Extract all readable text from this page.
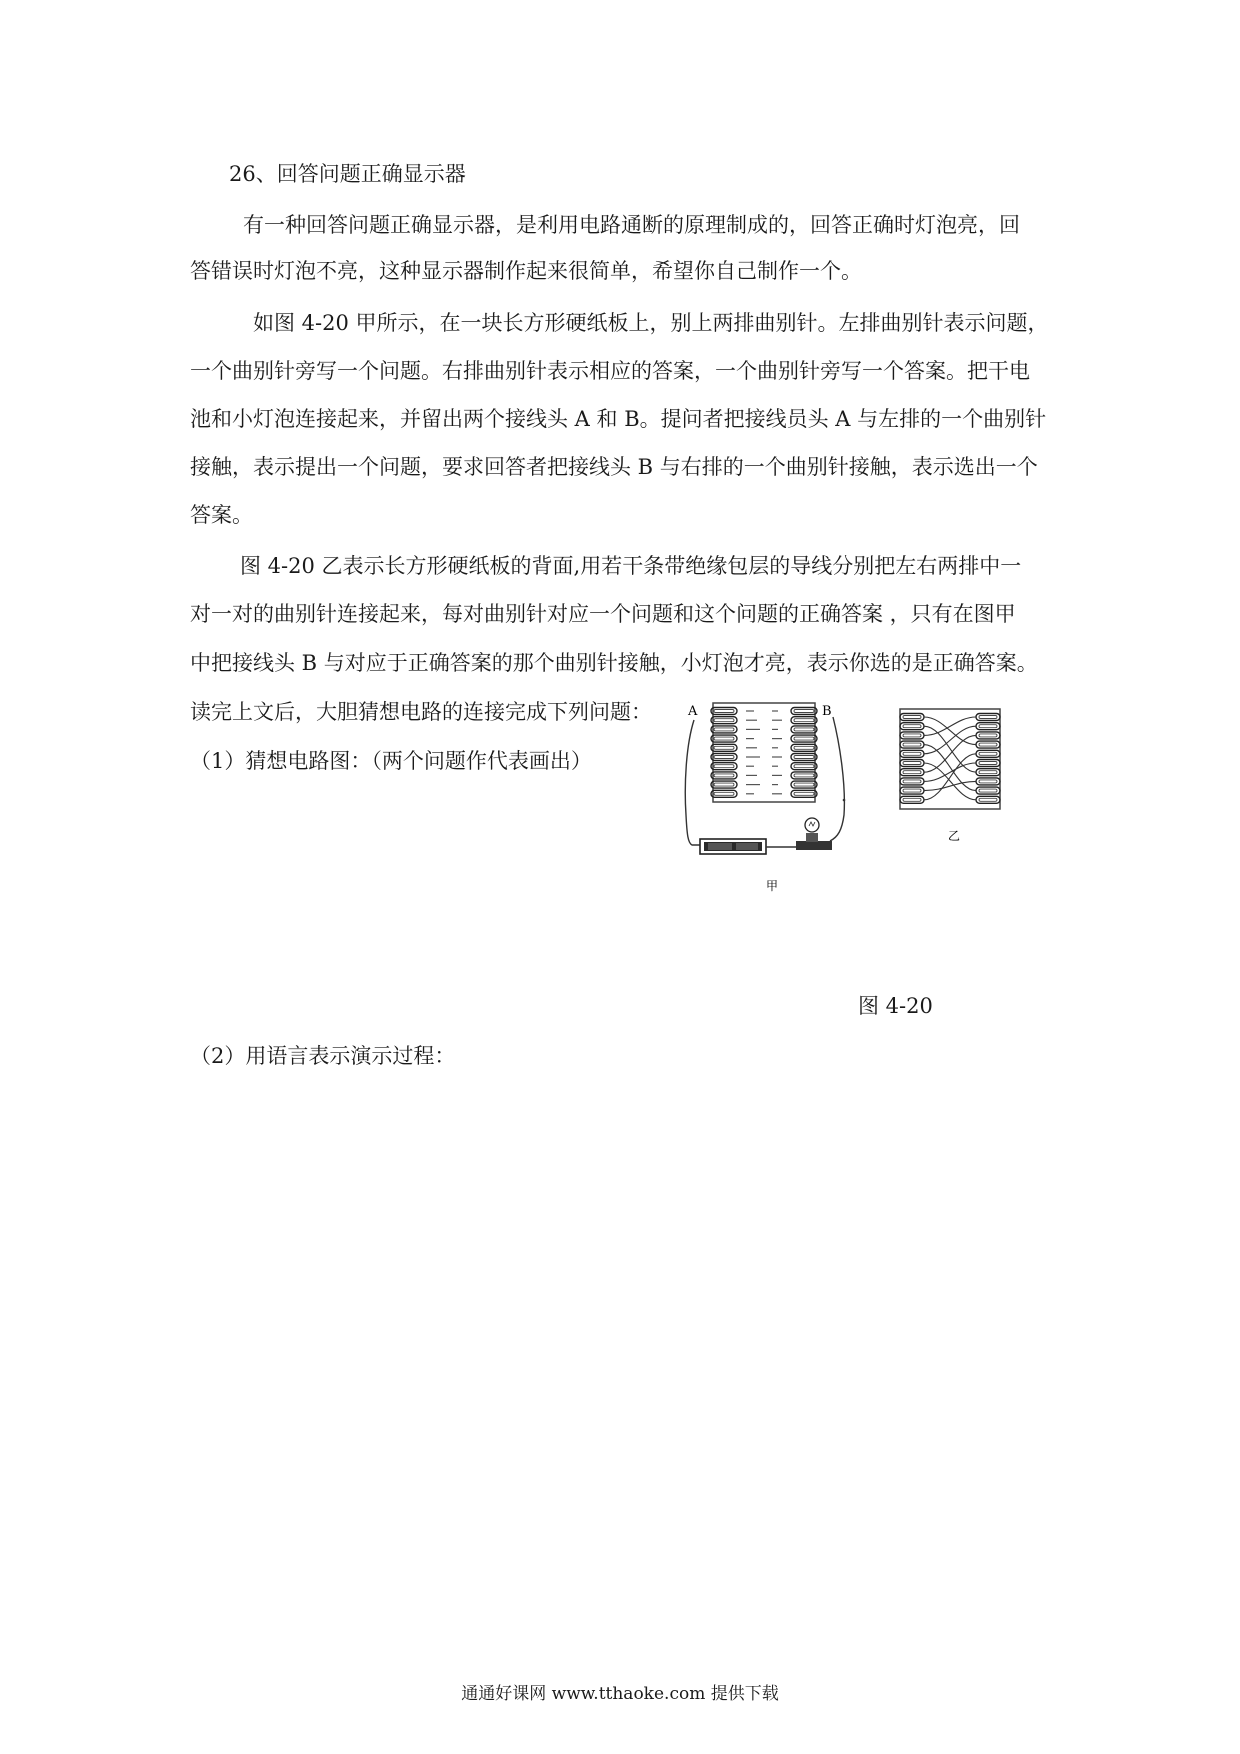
26、回答问题正确显示器
有一种回答问题正确显示器，是利用电路通断的原理制成的，回答正确时灯泡亮，回
答错误时灯泡不亮，这种显示器制作起来很简单，希望你自己制作一个。
如图 4-20 甲所示，在一块长方形硬纸板上，别上两排曲别针。左排曲别针表示问题，
一个曲别针旁写一个问题。右排曲别针表示相应的答案，一个曲别针旁写一个答案。把干电
池和小灯泡连接起来，并留出两个接线头 A 和 B。提问者把接线员头 A 与左排的一个曲别针
接触，表示提出一个问题，要求回答者把接线头 B 与右排的一个曲别针接触，表示选出一个
答案。
图 4-20 乙表示长方形硬纸板的背面,用若干条带绝缘包层的导线分别把左右两排中一
对一对的曲别针连接起来，每对曲别针对应一个问题和这个问题的正确答案 ，只有在图甲
中把接线头 B 与对应于正确答案的那个曲别针接触，小灯泡才亮，表示你选的是正确答案。
读完上文后，大胆猜想电路的连接完成下列问题：
（1）猜想电路图：（两个问题作代表画出）
A	B
甲
乙
图 4-20
（2）用语言表示演示过程：
通通好课网 www.tthaoke.com 提供下载
